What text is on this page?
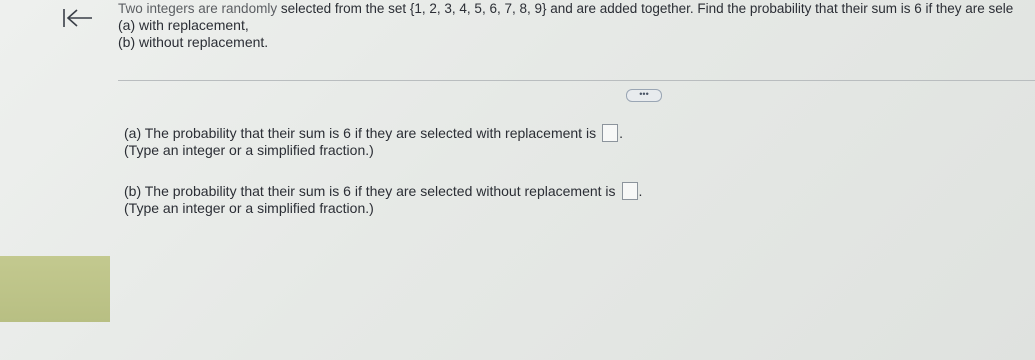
Two integers are randomly selected from the set {1, 2, 3, 4, 5, 6, 7, 8, 9} and are added together. Find the probability that their sum is 6 if they are sele
(a) with replacement,
(b) without replacement.
•••
(a) The probability that their sum is 6 if they are selected with replacement is .
(Type an integer or a simplified fraction.)
(b) The probability that their sum is 6 if they are selected without replacement is .
(Type an integer or a simplified fraction.)
